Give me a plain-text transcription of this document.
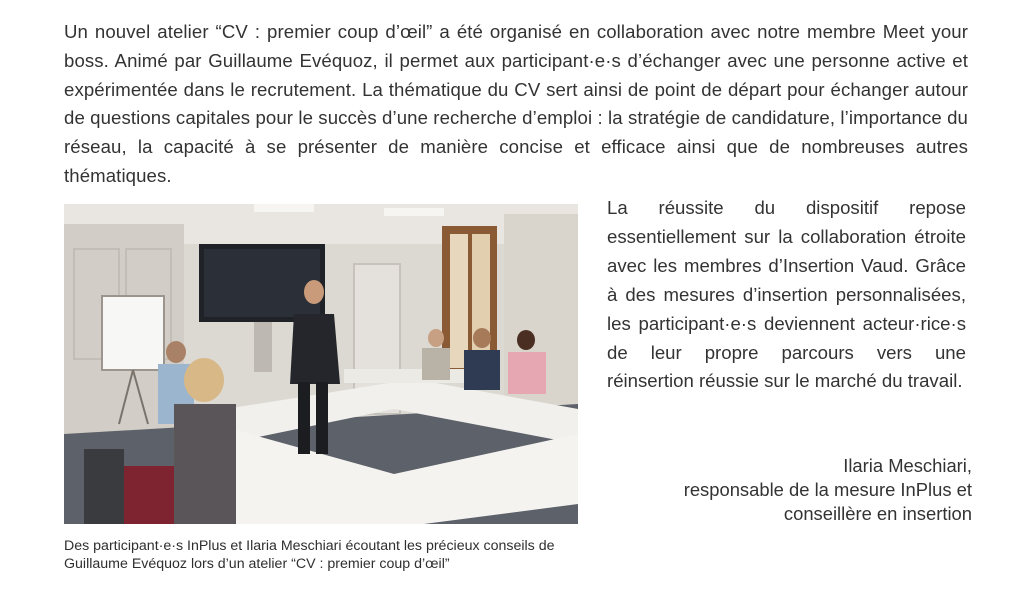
Un nouvel atelier “CV : premier coup d’œil” a été organisé en collaboration avec notre membre Meet your boss. Animé par Guillaume Evéquoz, il permet aux participant·e·s d’échanger avec une personne active et expérimentée dans le recrutement. La thématique du CV sert ainsi de point de départ pour échanger autour de questions capitales pour le succès d’une recherche d’emploi : la stratégie de candidature, l’importance du réseau, la capacité à se présenter de manière concise et efficace ainsi que de nombreuses autres thématiques.

Des participant·e·s InPlus et Ilaria Meschiari écoutant les précieux conseils de Guillaume Evéquoz lors d’un atelier “CV : premier coup d’œil”

La réussite du dispositif repose essentiellement sur la collaboration étroite avec les membres d’Insertion Vaud. Grâce à des mesures d’insertion personnalisées, les participant·e·s deviennent acteur·rice·s de leur propre parcours vers une réinsertion réussie sur le marché du travail.

Ilaria Meschiari,
responsable de la mesure InPlus et
conseillère en insertion
